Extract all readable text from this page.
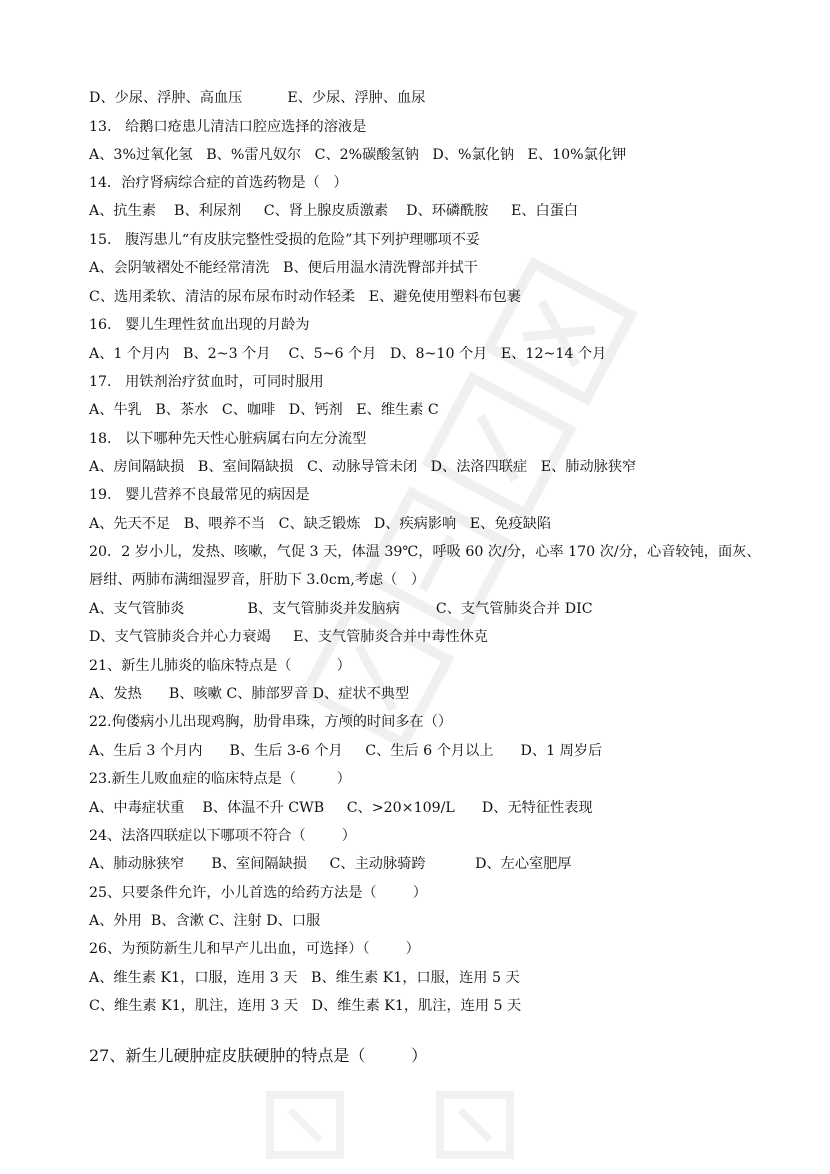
D、少尿、浮肿、高血压          E、少尿、浮肿、血尿
13.   给鹅口疮患儿清洁口腔应选择的溶液是
A、3%过氧化氢   B、%雷凡奴尔   C、2%碳酸氢钠   D、%氯化钠   E、10%氯化钾
14．治疗肾病综合症的首选药物是（   ）
A、抗生素    B、利尿剂     C、肾上腺皮质激素    D、环磷酰胺     E、白蛋白
15.   腹泻患儿“有皮肤完整性受损的危险”其下列护理哪项不妥
A、会阴皱褶处不能经常清洗   B、便后用温水清洗臀部并拭干
C、选用柔软、清洁的尿布尿布时动作轻柔   E、避免使用塑料布包裹
16.   婴儿生理性贫血出现的月龄为
A、1 个月内   B、2~3 个月    C、5~6 个月   D、8~10 个月   E、12~14 个月
17.   用铁剂治疗贫血时，可同时服用
A、牛乳   B、茶水   C、咖啡   D、钙剂   E、维生素 C
18.   以下哪种先天性心脏病属右向左分流型
A、房间隔缺损   B、室间隔缺损   C、动脉导管未闭   D、法洛四联症   E、肺动脉狭窄
19.   婴儿营养不良最常见的病因是
A、先天不足   B、喂养不当   C、缺乏锻炼   D、疾病影响   E、免疫缺陷
20．2 岁小儿，发热、咳嗽，气促 3 天，体温 39℃，呼吸 60 次/分，心率 170 次/分，心音较钝，面灰、
唇绀、两肺布满细湿罗音，肝肋下 3.0cm,考虑（   ）
A、支气管肺炎              B、支气管肺炎并发脑病        C、支气管肺炎合并 DIC
D、支气管肺炎合并心力衰竭     E、支气管肺炎合并中毒性休克
21、新生儿肺炎的临床特点是（          ）
A、发热      B、咳嗽 C、肺部罗音 D、症状不典型
22.佝偻病小儿出现鸡胸，肋骨串珠，方颅的时间多在（）
A、生后 3 个月内      B、生后 3-6 个月     C、生后 6 个月以上      D、1 周岁后
23.新生儿败血症的临床特点是（         ）
A、中毒症状重    B、体温不升 CWB     C、>20×109/L      D、无特征性表现
24、法洛四联症以下哪项不符合（        ）
A、肺动脉狭窄      B、室间隔缺损     C、主动脉骑跨           D、左心室肥厚
25、只要条件允许，小儿首选的给药方法是（        ）
A、外用  B、含漱 C、注射 D、口服
26、为预防新生儿和早产儿出血，可选择）（        ）
A、维生素 K1，口服，连用 3 天   B、维生素 K1，口服，连用 5 天
C、维生素 K1，肌注，连用 3 天   D、维生素 K1，肌注，连用 5 天
27、新生儿硬肿症皮肤硬肿的特点是（         ）
